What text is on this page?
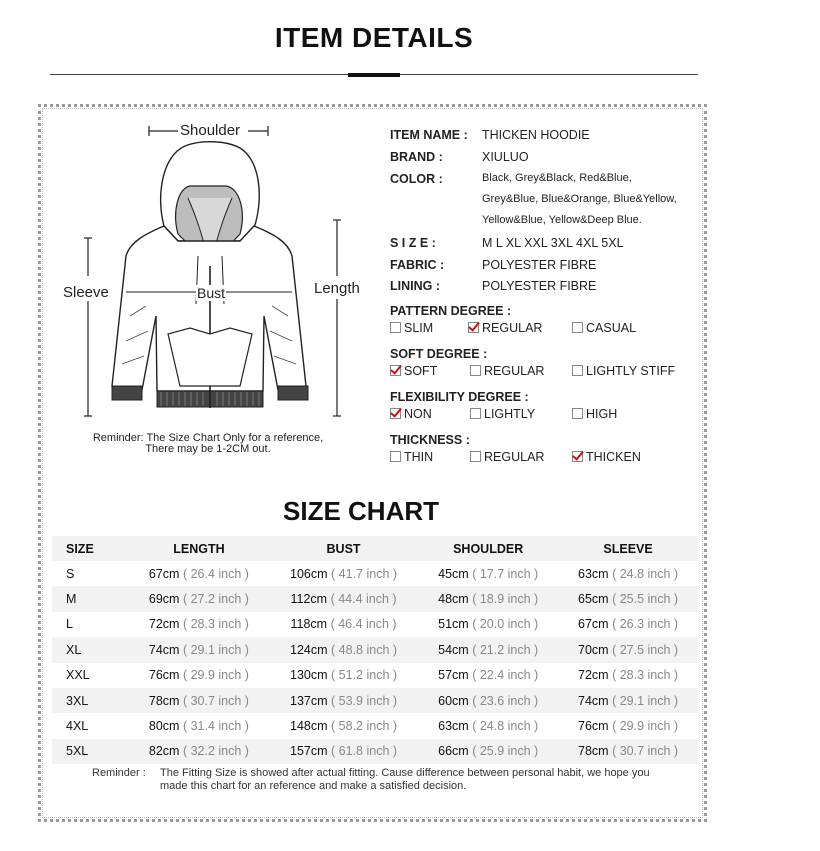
ITEM DETAILS
Shoulder
Sleeve	Bust	Length
Reminder: The Size Chart Only for a reference, There may be 1-2CM out.
ITEM NAME : THICKEN HOODIE
BRAND :	XIULUO
COLOR :	Black, Grey&Black, Red&Blue,
Grey&Blue, Blue&Orange, Blue&Yellow,
Yellow&Blue, Yellow&Deep Blue.
S I Z E :	M L XL XXL 3XL 4XL 5XL
FABRIC :	POLYESTER FIBRE
LINING :	POLYESTER FIBRE
PATTERN DEGREE :
SLIM	REGULAR	CASUAL
SOFT DEGREE :
SOFT	REGULAR	LIGHTLY STIFF
FLEXIBILITY DEGREE :
NON	LIGHTLY	HIGH
THICKNESS :
THIN	REGULAR	THICKEN
SIZE CHART
SIZE	LENGTH	BUST	SHOULDER	SLEEVE
S	67cm ( 26.4 inch )	106cm ( 41.7 inch )	45cm ( 17.7 inch )	63cm ( 24.8 inch )
M	69cm ( 27.2 inch )	112cm ( 44.4 inch )	48cm ( 18.9 inch )	65cm ( 25.5 inch )
L	72cm ( 28.3 inch )	118cm ( 46.4 inch )	51cm ( 20.0 inch )	67cm ( 26.3 inch )
XL	74cm ( 29.1 inch )	124cm ( 48.8 inch )	54cm ( 21.2 inch )	70cm ( 27.5 inch )
XXL	76cm ( 29.9 inch )	130cm ( 51.2 inch )	57cm ( 22.4 inch )	72cm ( 28.3 inch )
3XL	78cm ( 30.7 inch )	137cm ( 53.9 inch )	60cm ( 23.6 inch )	74cm ( 29.1 inch )
4XL	80cm ( 31.4 inch )	148cm ( 58.2 inch )	63cm ( 24.8 inch )	76cm ( 29.9 inch )
5XL	82cm ( 32.2 inch )	157cm ( 61.8 inch )	66cm ( 25.9 inch )	78cm ( 30.7 inch )
Reminder : The Fitting Size is showed after actual fitting. Cause difference between personal habit, we hope you made this chart for an reference and make a satisfied decision.
